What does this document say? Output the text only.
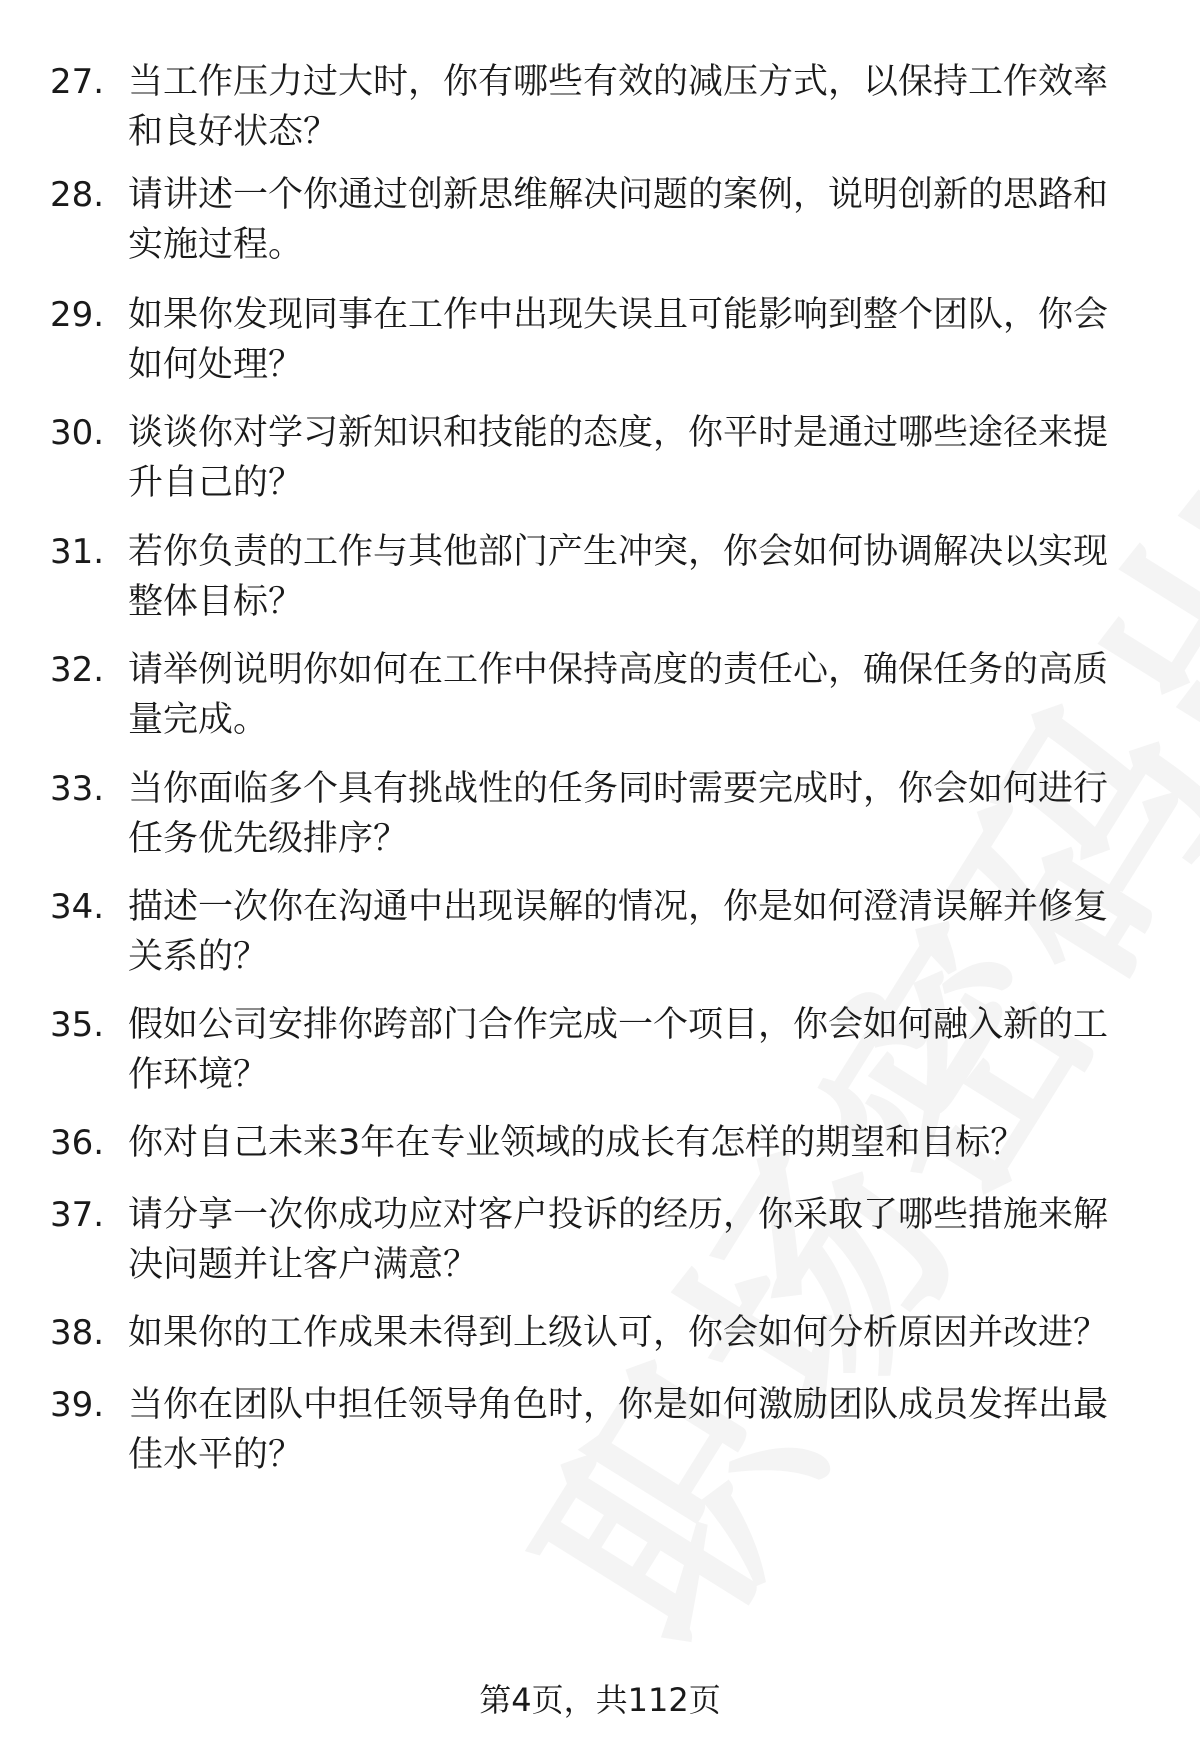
27. 当工作压力过大时，你有哪些有效的减压方式，以保持工作效率和良好状态？
28. 请讲述一个你通过创新思维解决问题的案例，说明创新的思路和实施过程。
29. 如果你发现同事在工作中出现失误且可能影响到整个团队，你会如何处理？
30. 谈谈你对学习新知识和技能的态度，你平时是通过哪些途径来提升自己的？
31. 若你负责的工作与其他部门产生冲突，你会如何协调解决以实现整体目标？
32. 请举例说明你如何在工作中保持高度的责任心，确保任务的高质量完成。
33. 当你面临多个具有挑战性的任务同时需要完成时，你会如何进行任务优先级排序？
34. 描述一次你在沟通中出现误解的情况，你是如何澄清误解并修复关系的？
35. 假如公司安排你跨部门合作完成一个项目，你会如何融入新的工作环境？
36. 你对自己未来3年在专业领域的成长有怎样的期望和目标？
37. 请分享一次你成功应对客户投诉的经历，你采取了哪些措施来解决问题并让客户满意？
38. 如果你的工作成果未得到上级认可，你会如何分析原因并改进？
39. 当你在团队中担任领导角色时，你是如何激励团队成员发挥出最佳水平的？
第4页，共112页
